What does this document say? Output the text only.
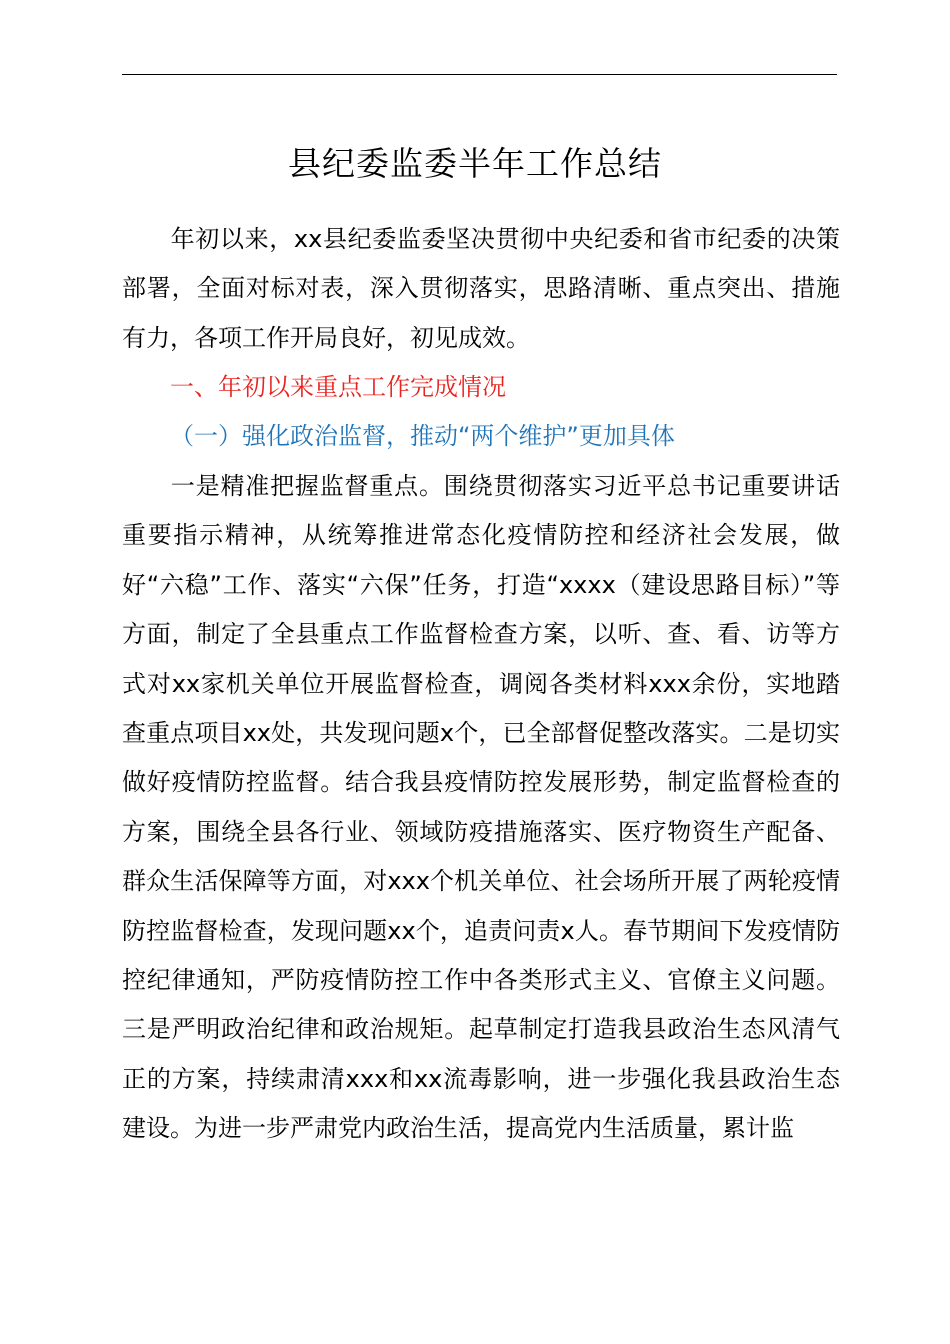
县纪委监委半年工作总结
年初以来，xx县纪委监委坚决贯彻中央纪委和省市纪委的决策部署，全面对标对表，深入贯彻落实，思路清晰、重点突出、措施有力，各项工作开局良好，初见成效。
一、年初以来重点工作完成情况
（一）强化政治监督，推动“两个维护”更加具体
一是精准把握监督重点。围绕贯彻落实习近平总书记重要讲话重要指示精神，从统筹推进常态化疫情防控和经济社会发展，做好“六稳”工作、落实“六保”任务，打造“xxxx（建设思路目标）”等方面，制定了全县重点工作监督检查方案，以听、查、看、访等方式对xx家机关单位开展监督检查，调阅各类材料xxx余份，实地踏查重点项目xx处，共发现问题x个，已全部督促整改落实。二是切实做好疫情防控监督。结合我县疫情防控发展形势，制定监督检查的方案，围绕全县各行业、领域防疫措施落实、医疗物资生产配备、群众生活保障等方面，对xxx个机关单位、社会场所开展了两轮疫情防控监督检查，发现问题xx个，追责问责x人。春节期间下发疫情防控纪律通知，严防疫情防控工作中各类形式主义、官僚主义问题。三是严明政治纪律和政治规矩。起草制定打造我县政治生态风清气正的方案，持续肃清xxx和xx流毒影响，进一步强化我县政治生态建设。为进一步严肃党内政治生活，提高党内生活质量，累计监
